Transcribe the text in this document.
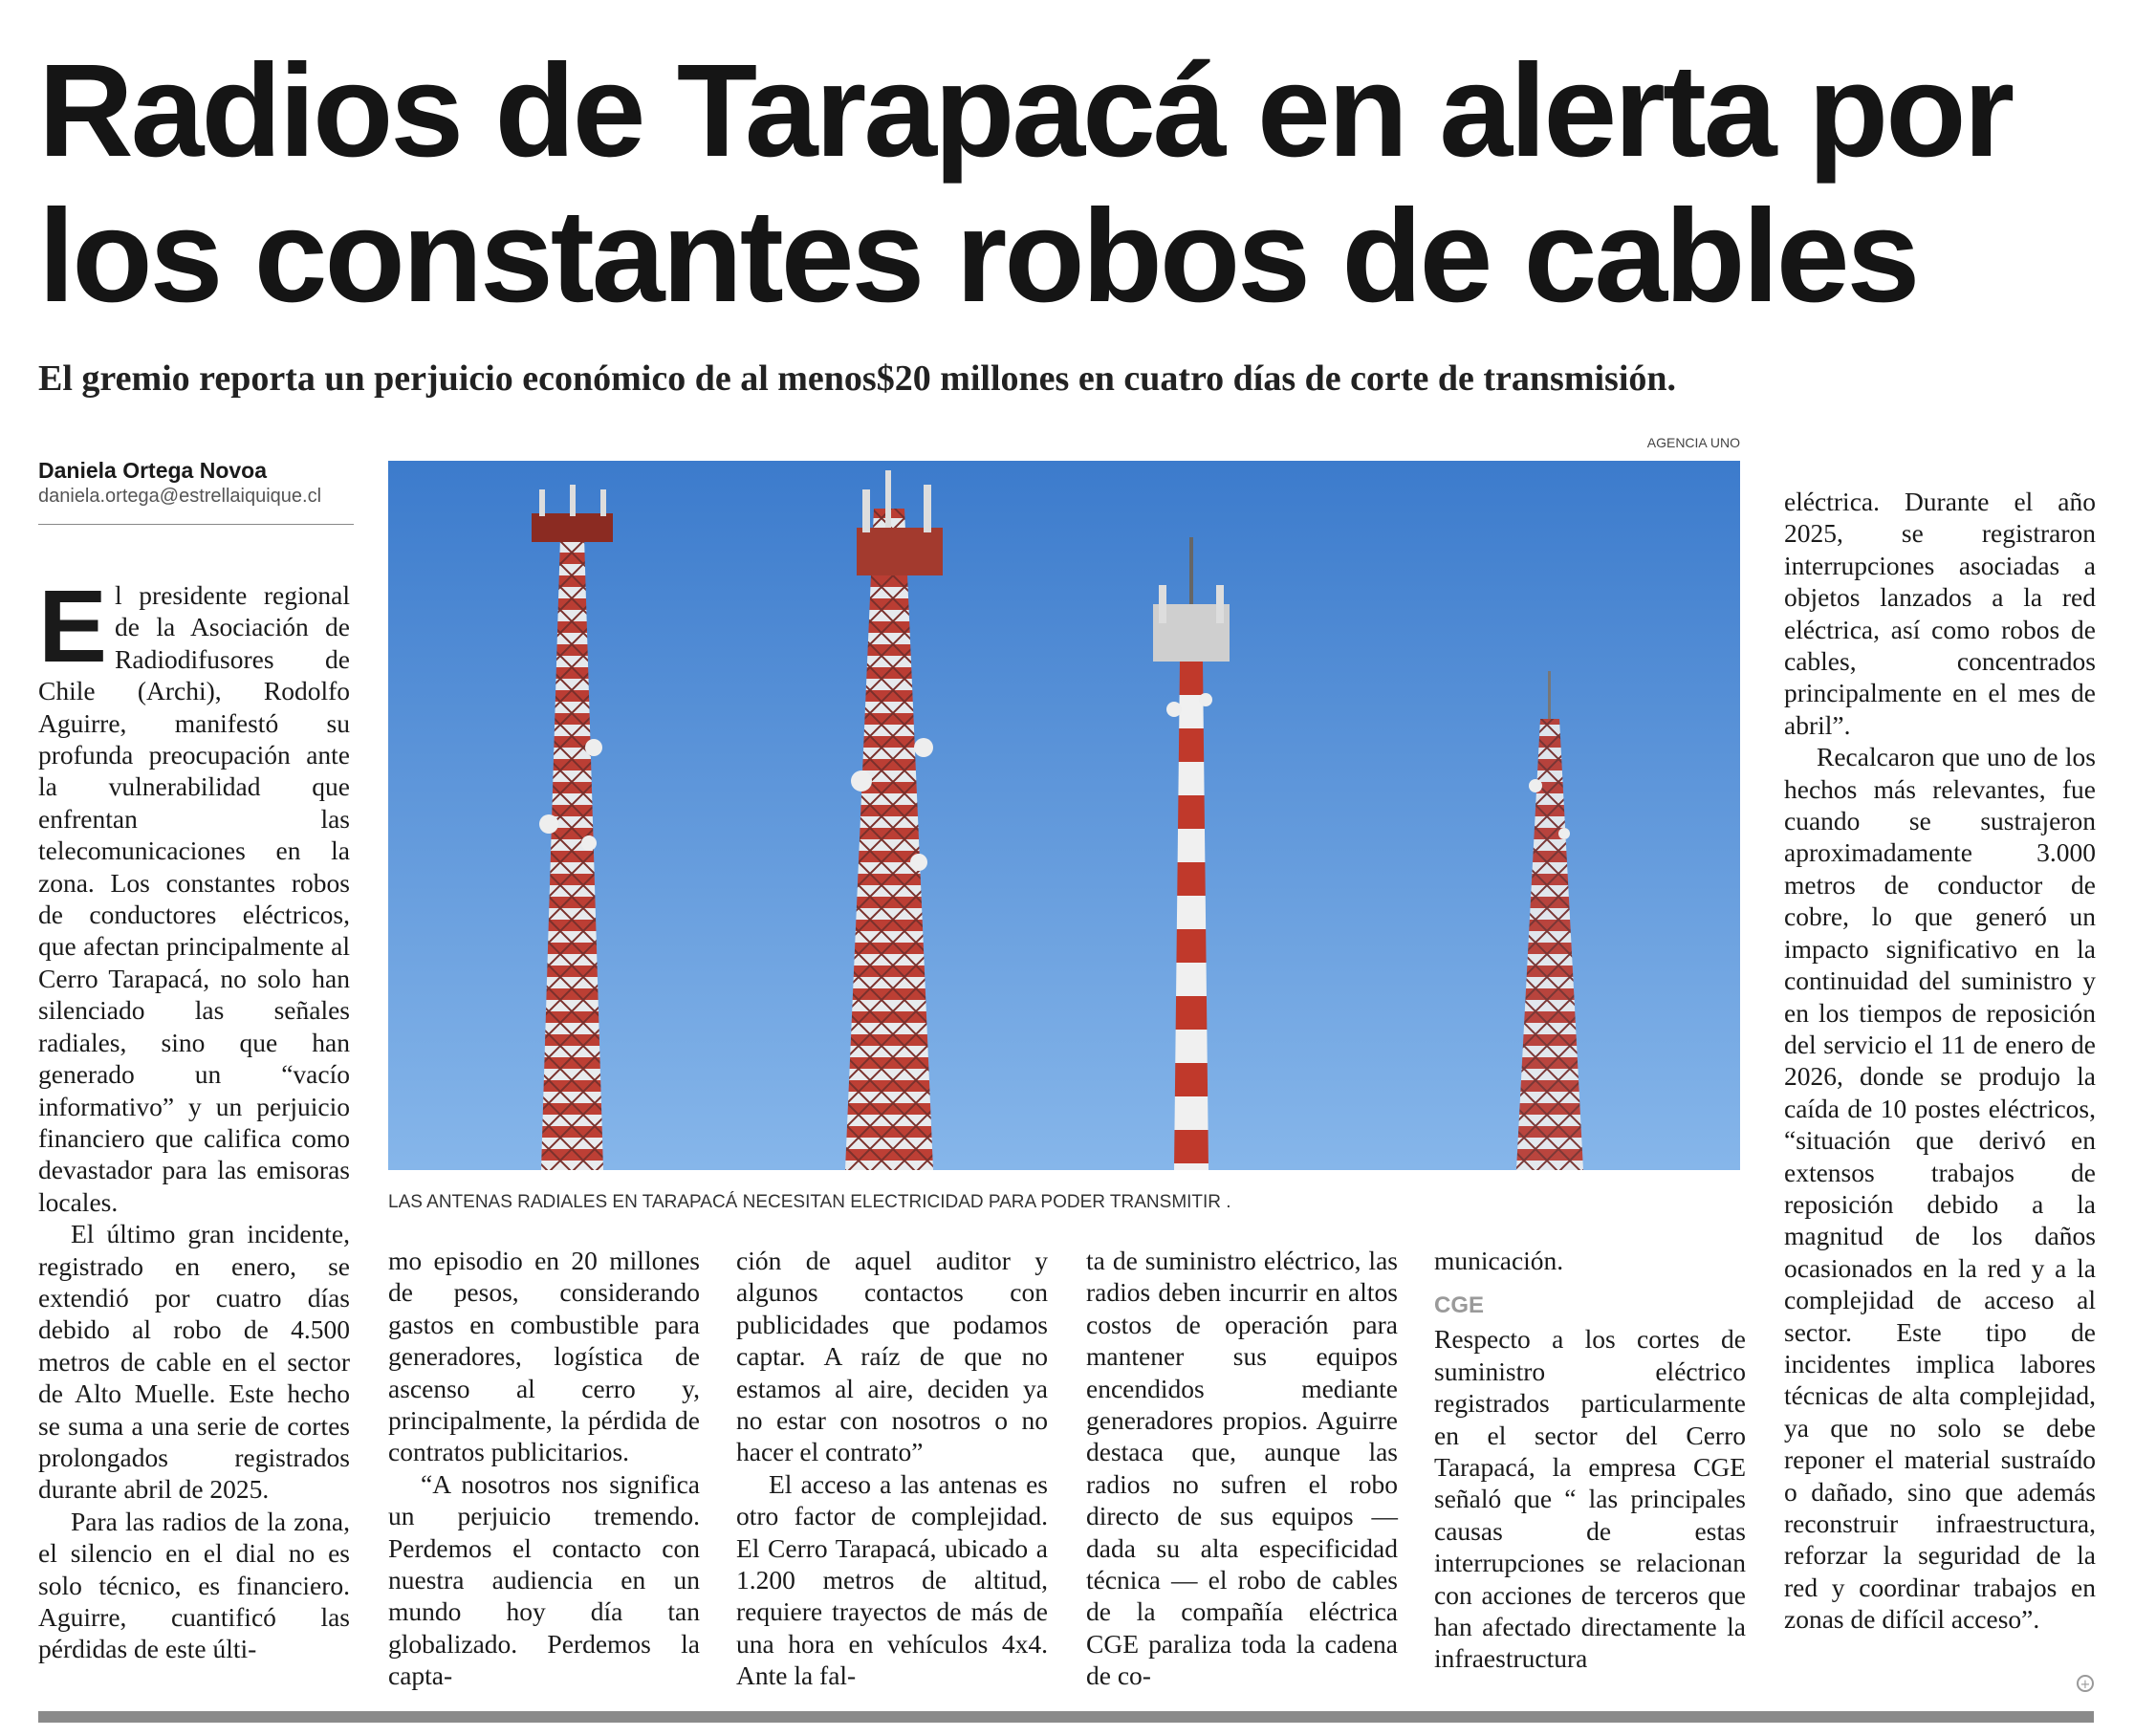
Radios de Tarapacá en alerta por los constantes robos de cables
El gremio reporta un perjuicio económico de al menos$20 millones en cuatro días de corte de transmisión.
Daniela Ortega Novoa
daniela.ortega@estrellaiquique.cl
AGENCIA UNO
LAS ANTENAS RADIALES EN TARAPACÁ NECESITAN ELECTRICIDAD PARA PODER TRANSMITIR .

El presidente regional de la Asociación de Radiodifusores de Chile (Archi), Rodolfo Aguirre, manifestó su profunda preocupación ante la vulnerabilidad que enfrentan las telecomunicaciones en la zona. Los constantes robos de conductores eléctricos, que afectan principalmente al Cerro Tarapacá, no solo han silenciado las señales radiales, sino que han generado un “vacío informativo” y un perjuicio financiero que califica como devastador para las emisoras locales.

El último gran incidente, registrado en enero, se extendió por cuatro días debido al robo de 4.500 metros de cable en el sector de Alto Muelle. Este hecho se suma a una serie de cortes prolongados registrados durante abril de 2025.

Para las radios de la zona, el silencio en el dial no es solo técnico, es financiero. Aguirre, cuantificó las pérdidas de este últi-

mo episodio en 20 millones de pesos, considerando gastos en combustible para generadores, logística de ascenso al cerro y, principalmente, la pérdida de contratos publicitarios.

“A nosotros nos significa un perjuicio tremendo. Perdemos el contacto con nuestra audiencia en un mundo hoy día tan globalizado. Perdemos la capta-

ción de aquel auditor y algunos contactos con publicidades que podamos captar. A raíz de que no estamos al aire, deciden ya no estar con nosotros o no hacer el contrato”

El acceso a las antenas es otro factor de complejidad. El Cerro Tarapacá, ubicado a 1.200 metros de altitud, requiere trayectos de más de una hora en vehículos 4x4. Ante la fal-

ta de suministro eléctrico, las radios deben incurrir en altos costos de operación para mantener sus equipos encendidos mediante generadores propios. Aguirre destaca que, aunque las radios no sufren el robo directo de sus equipos —dada su alta especificidad técnica — el robo de cables de la compañía eléctrica CGE paraliza toda la cadena de co-

municación.

CGE

Respecto a los cortes de suministro eléctrico registrados particularmente en el sector del Cerro Tarapacá, la empresa CGE señaló que “ las principales causas de estas interrupciones se relacionan con acciones de terceros que han afectado directamente la infraestructura

eléctrica. Durante el año 2025, se registraron interrupciones asociadas a objetos lanzados a la red eléctrica, así como robos de cables, concentrados principalmente en el mes de abril”.

Recalcaron que uno de los hechos más relevantes, fue cuando se sustrajeron aproximadamente 3.000 metros de conductor de cobre, lo que generó un impacto significativo en la continuidad del suministro y en los tiempos de reposición del servicio el 11 de enero de 2026, donde se produjo la caída de 10 postes eléctricos, “situación que derivó en extensos trabajos de reposición debido a la magnitud de los daños ocasionados en la red y a la complejidad de acceso al sector. Este tipo de incidentes implica labores técnicas de alta complejidad, ya que no solo se debe reponer el material sustraído o dañado, sino que además reconstruir infraestructura, reforzar la seguridad de la red y coordinar trabajos en zonas de difícil acceso”.

+
